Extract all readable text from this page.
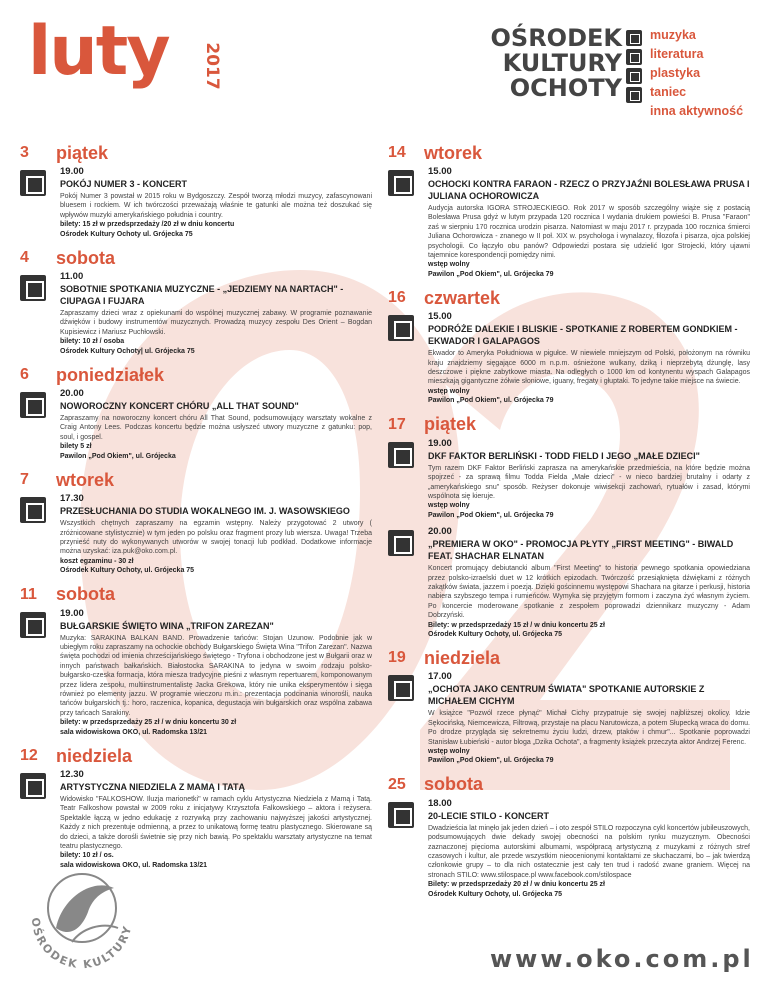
luty 2017
OŚRODEK
KULTURY
OCHOTY
muzyka
literatura
plastyka
taniec
inna aktywność
3	piątek
19.00
POKÓJ NUMER 3 - KONCERT
Pokój Numer 3 powstał w 2015 roku w Bydgoszczy. Zespół tworzą młodzi muzycy, zafascynowani bluesem i rockiem. W ich twórczości przeważają właśnie te gatunki ale można też doszukać się wpływów muzyki amerykańskiego południa i country.
bilety: 15 zł w przedsprzedaży /20 zł w dniu koncertu
Ośrodek Kultury Ochoty ul. Grójecka 75
4	sobota
11.00
SOBOTNIE SPOTKANIA MUZYCZNE - „JEDZIEMY NA NARTACH" - CIUPAGA I FUJARA
Zapraszamy dzieci wraz z opiekunami do wspólnej muzycznej zabawy. W programie poznawanie dźwięków i budowy instrumentów muzycznych. Prowadzą muzycy zespołu Des Orient – Bogdan Kupisiewicz i Mariusz Puchłowski.
bilety: 10 zł / osoba
Ośrodek Kultury Ochoty| ul. Grójecka 75
6	poniedziałek
20.00
NOWOROCZNY KONCERT CHÓRU „ALL THAT SOUND"
Zapraszamy na noworoczny koncert chóru All That Sound, podsumowujący warsztaty wokalne z Craig Antony Lees. Podczas koncertu będzie można usłyszeć utwory muzyczne z gatunku: pop, soul, i gospel.
bilety 5 zł
Pawilon „Pod Okiem", ul. Grójecka
7	wtorek
17.30
PRZESŁUCHANIA DO STUDIA WOKALNEGO IM. J. WASOWSKIEGO
Wszystkich chętnych zapraszamy na egzamin wstępny. Należy przygotować 2 utwory ( zróżnicowane stylistycznie) w tym jeden po polsku oraz fragment prozy lub wiersza. Uwaga! Trzeba przynieść nuty do wykonywanych utworów w swojej tonacji lub podkład. Dodatkowe informacje można uzyskać: iza.puk@oko.com.pl.
koszt egzaminu - 30 zł
Ośrodek Kultury Ochoty, ul. Grójecka 75
11	sobota
19.00
BUŁGARSKIE ŚWIĘTO WINA „TRIFON ZAREZAN"
Muzyka: SARAKINA BALKAN BAND. Prowadzenie tańców: Stojan Uzunow. Podobnie jak w ubiegłym roku zapraszamy na ochockie obchody Bułgarskiego Święta Wina "Trifon Zarezan". Nazwa święta pochodzi od imienia chrześcijańskiego świętego - Tryfona i obchodzone jest w Bułgarii oraz w innych państwach bałkańskich. Białostocka SARAKINA to jedyna w swoim rodzaju polsko-bułgarsko-czeska formacja, która miesza tradycyjne pieśni z własnym repertuarem, komponowanym przez lidera zespołu, multiinstrumentalistę Jacka Grekowa, który nie unika eksperymentów i sięga również po elementy jazzu. W programie wieczoru m.in.: prezentacja podcinania winorośli, nauka tańców bułgarskich tj.: horo, raczenica, kopanica, degustacja win bułgarskich oraz wspólna zabawa przy tańcach Sarakiny.
bilety: w przedsprzedaży 25 zł / w dniu koncertu 30 zł
sala widowiskowa OKO, ul. Radomska 13/21
12	niedziela
12.30
ARTYSTYCZNA NIEDZIELA Z MAMĄ I TATĄ
Widowisko "FALKOSHOW. Iluzja marionetki" w ramach cyklu Artystyczna Niedziela z Mamą i Tatą. Teatr Falkoshow powstał w 2009 roku z inicjatywy Krzysztofa Falkowskiego – aktora i reżysera. Spektakle łączą w jedno edukację z rozrywką przy zachowaniu najwyższej jakości artystycznej. Każdy z nich prezentuje odmienną, a przez to unikatową formę teatru plastycznego. Skierowane są do dzieci, a także dorośli świetnie się przy nich bawią. Po spektaklu warsztaty artystyczne na temat teatru plastycznego.
bilety: 10 zł / os.
sala widowiskowa OKO, ul. Radomska 13/21
14	wtorek
15.00
OCHOCKI KONTRA FARAON - RZECZ O PRZYJAŹNI BOLESŁAWA PRUSA I JULIANA OCHOROWICZA
Audycja autorska IGORA STROJECKIEGO. Rok 2017 w sposób szczególny wiąże się z postacią Bolesława Prusa gdyż w lutym przypada 120 rocznica I wydania drukiem powieści B. Prusa "Faraon" zaś w sierpniu 170 rocznica urodzin pisarza. Natomiast w maju 2017 r. przypada 100 rocznica śmierci Juliana Ochorowicza - znanego w II poł. XIX w. psychologa i wynalazcy, filozofa i pisarza, ojca polskiej psychologii. Co łączyło obu panów? Odpowiedzi postara się udzielić Igor Strojecki, który ujawni tajemnice korespondencji pomiędzy nimi.
wstęp wolny
Pawilon „Pod Okiem", ul. Grójecka 79
16	czwartek
15.00
PODRÓŻE DALEKIE I BLISKIE - SPOTKANIE Z ROBERTEM GONDKIEM - EKWADOR I GALAPAGOS
Ekwador to Ameryka Południowa w pigułce. W niewiele mniejszym od Polski, położonym na równiku kraju znajdziemy sięgające 6000 m n.p.m. ośnieżone wulkany, dziką i nieprzebytą dżunglę, lasy deszczowe i piękne zabytkowe miasta. Na odległych o 1000 km od kontynentu wyspach Galapagos mieszkają gigantyczne żółwie słoniowe, iguany, fregaty i głuptaki. To jedyne takie miejsce na świecie.
wstęp wolny
Pawilon „Pod Okiem", ul. Grójecka 79
17	piątek
19.00
DKF FAKTOR BERLIŃSKI - TODD FIELD I JEGO „MAŁE DZIECI"
Tym razem DKF Faktor Berliński zaprasza na amerykańskie przedmieścia, na które będzie można spojrzeć - za sprawą filmu Todda Fielda „Małe dzieci" - w nieco bardziej brutalny i odarty z „amerykańskiego snu" sposób. Reżyser dokonuje wiwisekcji zachowań, rytuałów i zasad, którymi wspólnota się kieruje.
wstęp wolny
Pawilon „Pod Okiem", ul. Grójecka 79
20.00
„PREMIERA W OKO" - PROMOCJA PŁYTY „FIRST MEETING" - BIWALD FEAT. SHACHAR ELNATAN
Koncert promujący debiutancki album "First Meeting" to historia pewnego spotkania opowiedziana przez polsko-izraelski duet w 12 krótkich epizodach. Twórczość przesiąknięta dźwiękami z różnych zakątków świata, jazzem i poezją. Dzięki gościnnemu występowi Shachara na gitarze i perkusji, historia nabiera szybszego tempa i rumieńców. Wymyka się przyjętym formom i zaczyna żyć własnym życiem. Po koncercie moderowane spotkanie z zespołem poprowadzi dziennikarz muzyczny - Adam Dobrzyński.
Bilety: w przedsprzedaży 15 zł / w dniu koncertu 25 zł
Ośrodek Kultury Ochoty, ul. Grójecka 75
19	niedziela
17.00
„OCHOTA JAKO CENTRUM ŚWIATA" SPOTKANIE AUTORSKIE Z MICHAŁEM CICHYM
W książce "Pozwól rzece płynąć" Michał Cichy przypatruje się swojej najbliższej okolicy. Idzie Sękocińską, Niemcewicza, Filtrową, przystaje na placu Narutowicza, a potem Słupecką wraca do domu. Po drodze przygląda się sekretnemu życiu ludzi, drzew, ptaków i chmur"... Spotkanie poprowadzi Stanisław Łubieński - autor bloga „Dzika Ochota", a fragmenty książek przeczyta aktor Andrzej Ferenc.
wstęp wolny
Pawilon „Pod Okiem", ul. Grójecka 79
25	sobota
18.00
20-LECIE STILO - KONCERT
Dwadzieścia lat minęło jak jeden dzień – i oto zespół STILO rozpoczyna cykl koncertów jubileuszowych, podsumowujących dwie dekady swojej obecności na polskim rynku muzycznym. Obecności zaznaczonej pięcioma autorskimi albumami, współpracą artystyczną z muzykami z różnych stref czasowych i kultur, ale przede wszystkim nieocenionymi kontaktami ze słuchaczami, bo – jak twierdzą członkowie grupy – to dla nich ostatecznie jest cały ten trud i radość zwane graniem. Więcej na stronach STILO: www.stilospace.pl www.facebook.com/stilospace
Bilety: w przedsprzedaży 20 zł / w dniu koncertu 25 zł
Ośrodek Kultury Ochoty, ul. Grójecka 75
OŚRODEK KULTURY
www.oko.com.pl
